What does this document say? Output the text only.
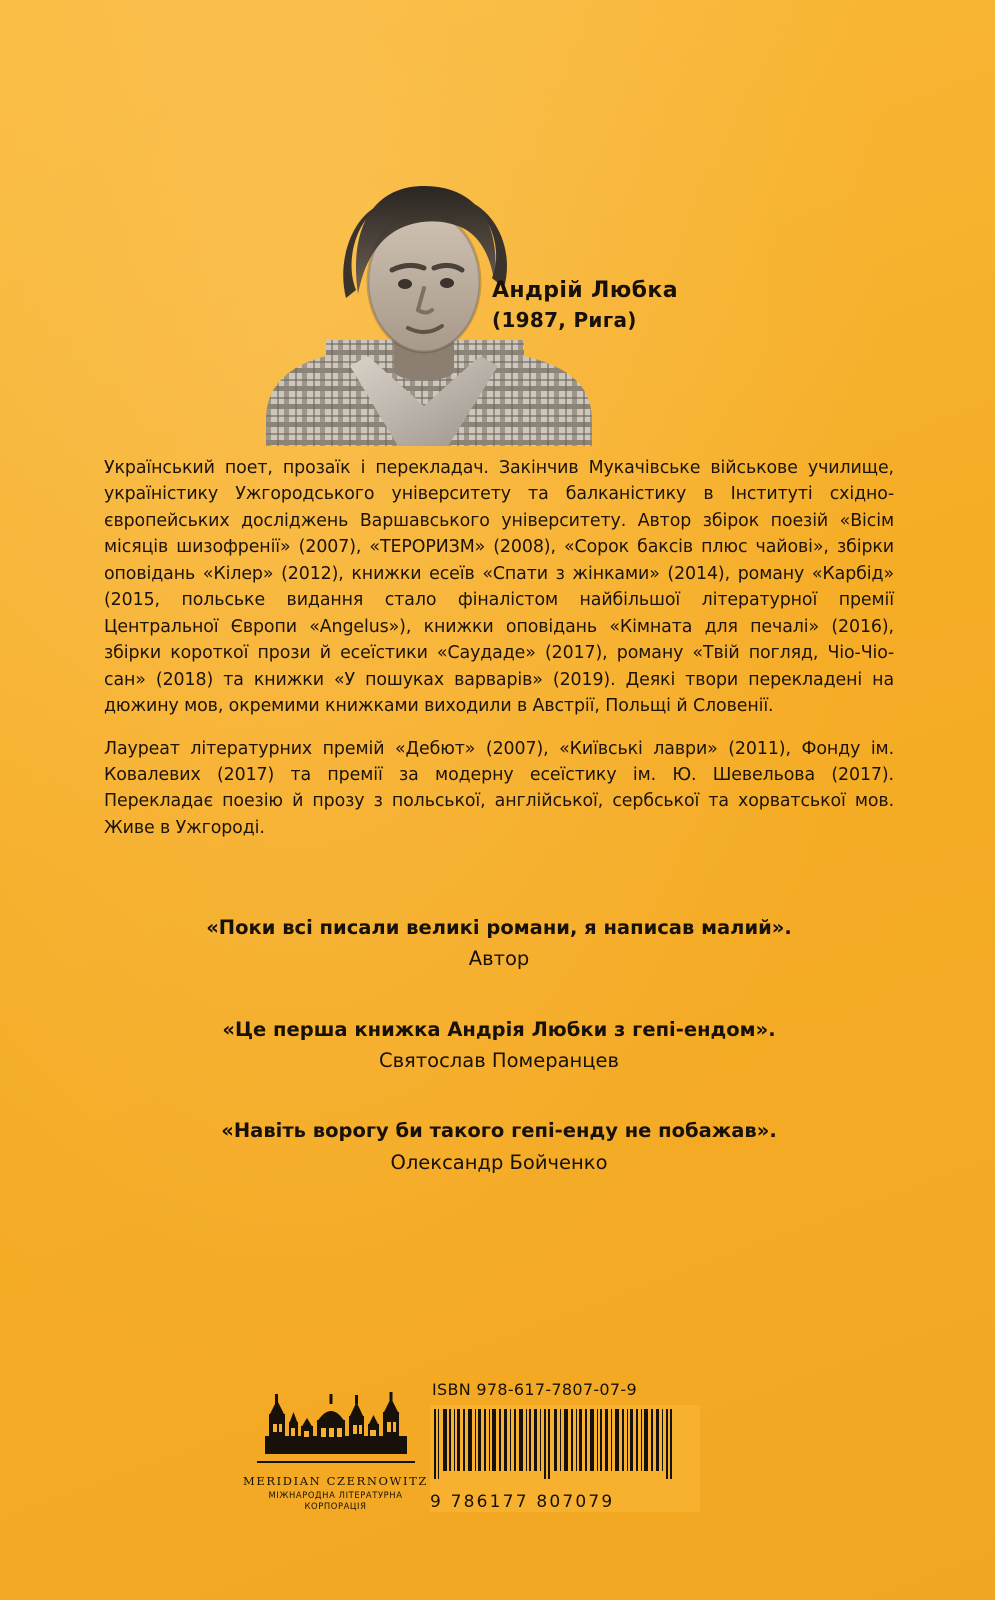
Андрій Любка

(1987, Рига)

Український поет, прозаїк і перекладач. Закінчив Мукачівське військове училище, україністику Ужгородського університету та балканістику в Інституті східно-європейських досліджень Варшавського університету. Автор збірок поезій «Вісім місяців шизофренії» (2007), «ТЕРОРИЗМ» (2008), «Сорок баксів плюс чайові», збірки оповідань «Кілер» (2012), книжки есеїв «Спати з жінками» (2014), роману «Карбід» (2015, польське видання стало фіналістом найбільшої літературної премії Центральної Європи «Angelus»), книжки оповідань «Кімната для печалі» (2016), збірки короткої прози й есеїстики «Саудаде» (2017), роману «Твій погляд, Чіо-Чіо-сан» (2018) та книжки «У пошуках варварів» (2019). Деякі твори перекладені на дюжину мов, окремими книжками виходили в Австрії, Польщі й Словенії.

Лауреат літературних премій «Дебют» (2007), «Київські лаври» (2011), Фонду ім. Ковалевих (2017) та премії за модерну есеїстику ім. Ю. Шевельова (2017). Перекладає поезію й прозу з польської, англійської, сербської та хорватської мов. Живе в Ужгороді.

«Поки всі писали великі романи, я написав малий».

Автор

«Це перша книжка Андрія Любки з гепі-ендом».

Святослав Померанцев

«Навіть ворогу би такого гепі-енду не побажав».

Олександр Бойченко

MERIDIAN CZERNOWITZ

МІЖНАРОДНА ЛІТЕРАТУРНА

КОРПОРАЦІЯ

ISBN 978-617-7807-07-9

9 786177 807079
